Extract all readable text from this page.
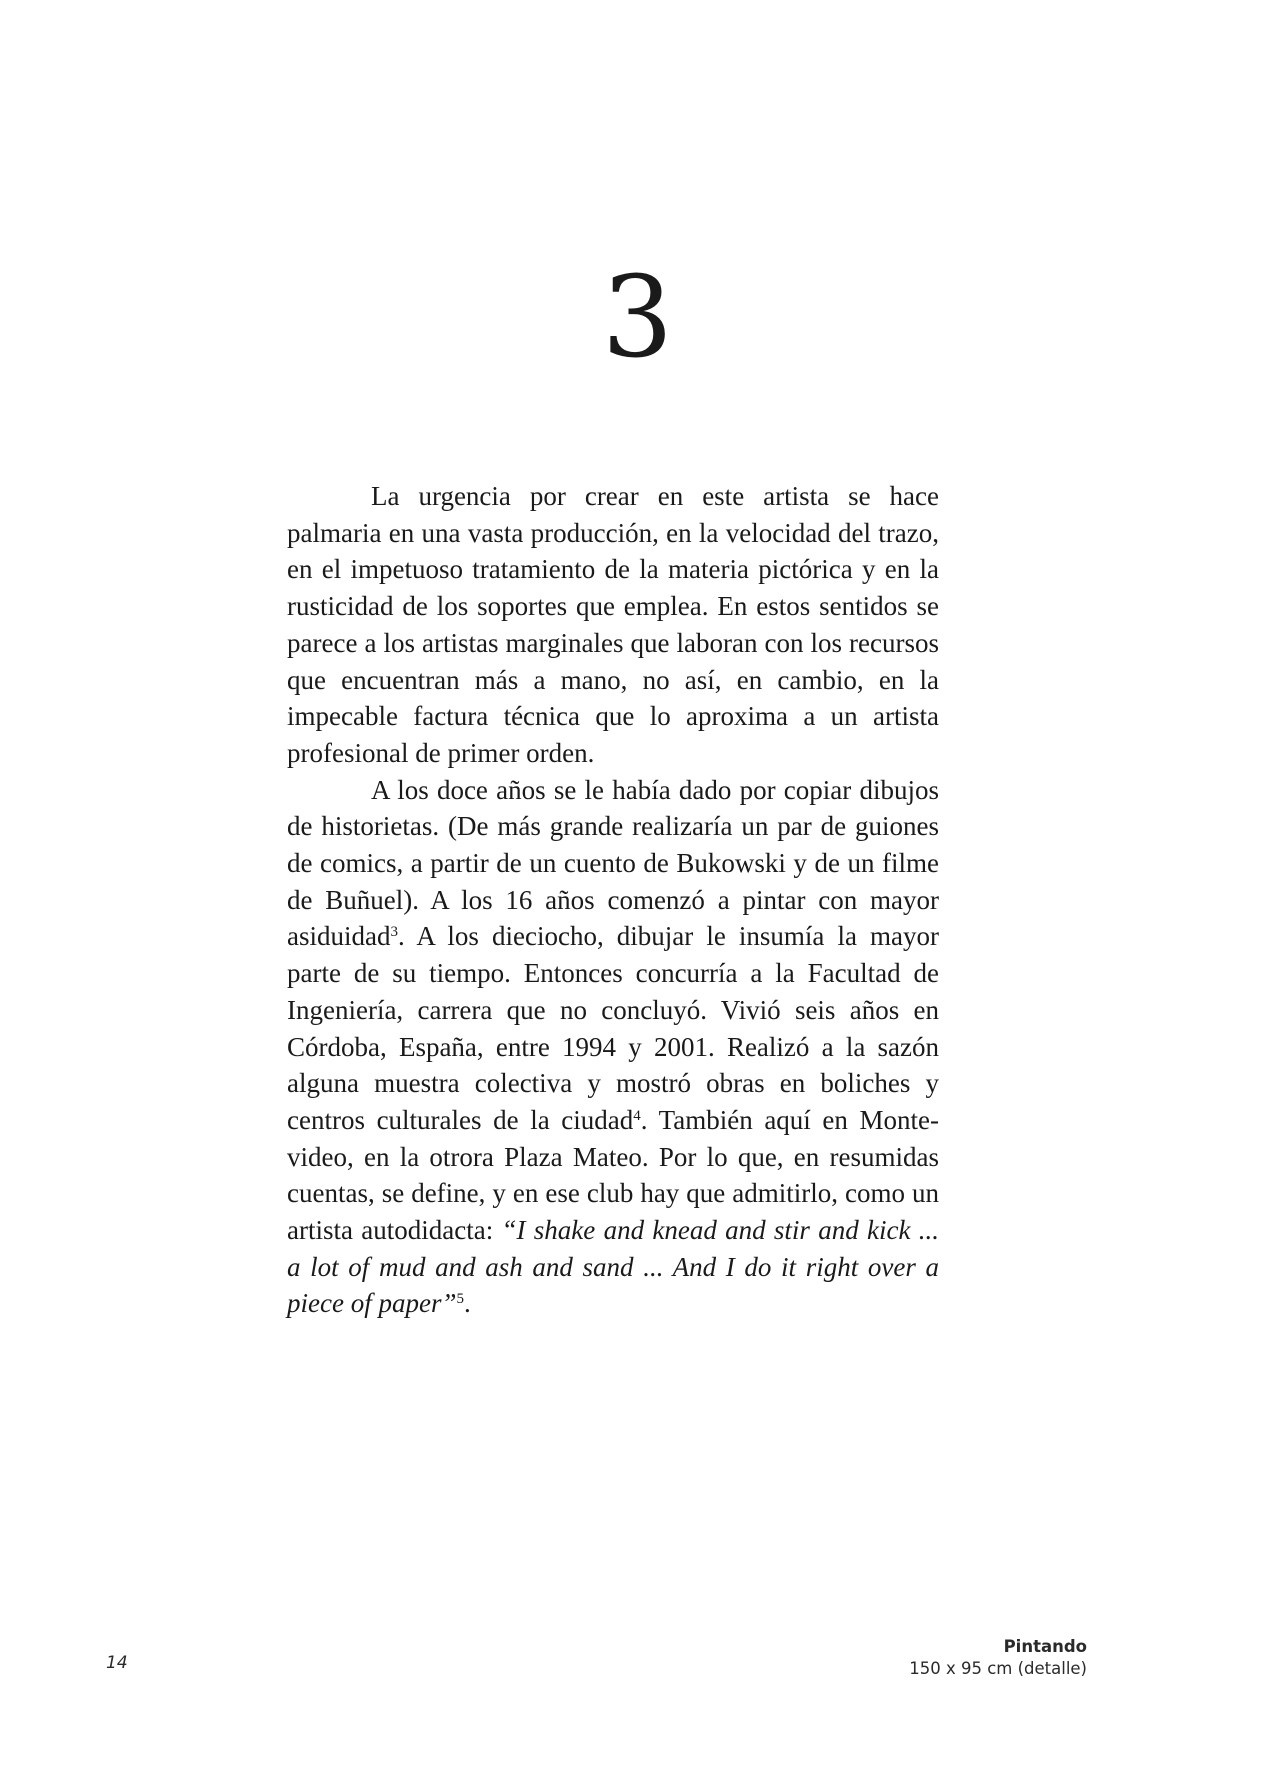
3

La urgencia por crear en este artista se hace palmaria en una vasta producción, en la velocidad del trazo, en el impetuoso tratamiento de la materia pictórica y en la rusticidad de los soportes que emplea. En estos sentidos se parece a los artistas marginales que laboran con los recursos que encuentran más a mano, no así, en cambio, en la impecable factura técnica que lo aproxima a un artista profesional de primer orden.

A los doce años se le había dado por copiar dibujos de historietas. (De más grande realizaría un par de guiones de comics, a partir de un cuento de Bukowski y de un filme de Buñuel). A los 16 años comenzó a pintar con mayor asiduidad$^3$. A los dieciocho, dibujar le insumía la mayor parte de su tiempo. Entonces concurría a la Facultad de Ingeniería, carrera que no concluyó. Vivió seis años en Córdoba, España, entre 1994 y 2001. Realizó a la sazón alguna muestra colectiva y mostró obras en boliches y centros culturales de la ciudad$^4$. También aquí en Montevideo, en la otrora Plaza Mateo. Por lo que, en resumidas cuentas, se define, y en ese club hay que admitirlo, como un artista autodidacta: “I shake and knead and stir and kick ... a lot of mud and ash and sand ... And I do it right over a piece of paper”$^5$.

Pintando
150 x 95 cm (detalle)
14
